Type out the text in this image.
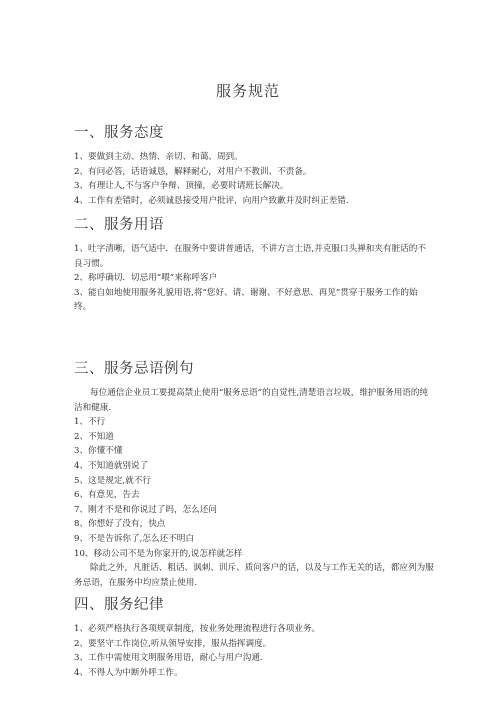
服务规范
一、服务态度

1、要做到主动、热情、亲切、和蔼、周到。

2、有问必答，话语诚恳，解释耐心，对用户不教训、不责备。

3、有理让人,不与客户争辩、顶撞，必要时请班长解决。

4、工作有差错时，必须诚恳接受用户批评，向用户致歉并及时纠正差错.

二、服务用语

1、吐字清晰，语气适中．在服务中要讲普通话，不讲方言土语,并克服口头禅和夹有脏话的不良习惯。

2、称呼确切．切忌用“喂”来称呼客户

3、能自如地使用服务礼貌用语,将“您好、请、谢谢、不好意思、再见”贯穿于服务工作的始终。

三、服务忌语例句

每位通信企业员工要提高禁止使用“服务忌语”的自觉性,清楚语言垃圾，维护服务用语的纯洁和健康.

1、不行

2、不知道

3、你懂不懂

4、不知道就别说了

5、这是规定,就不行

6、有意见，告去

7、刚才不是和你说过了吗，怎么还问

8、你想好了没有，快点

9、不是告诉你了,怎么还不明白

10、移动公司不是为你家开的,说怎样就怎样

除此之外，凡脏话、粗话、讽刺、训斥、质问客户的话，以及与工作无关的话，都应列为服务忌语，在服务中均应禁止使用.

四、服务纪律

1、必须严格执行各项规章制度，按业务处理流程进行各项业务。

2、要坚守工作岗位,听从领导安排，服从指挥调度。

3、工作中需使用文明服务用语，耐心与用户沟通.

4、不得人为中断外呼工作。
